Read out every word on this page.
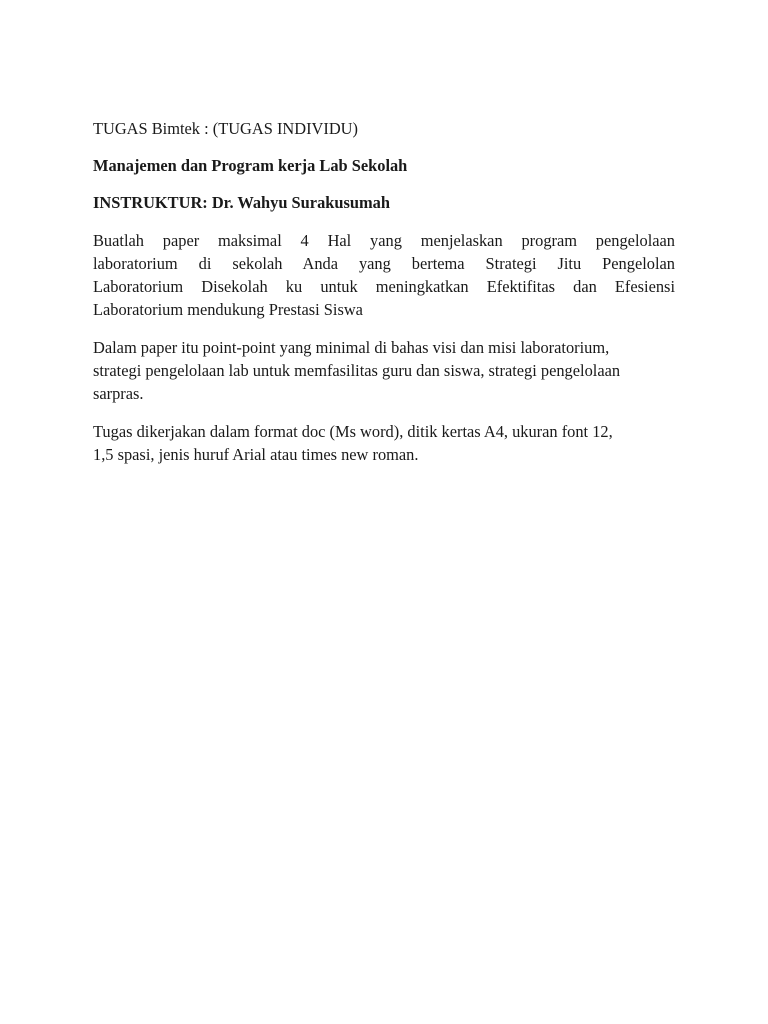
TUGAS Bimtek : (TUGAS INDIVIDU)

Manajemen dan Program kerja Lab Sekolah

INSTRUKTUR: Dr. Wahyu Surakusumah

Buatlah paper maksimal 4 Hal yang menjelaskan program pengelolaan
laboratorium di sekolah Anda yang bertema Strategi Jitu Pengelolan
Laboratorium Disekolah ku untuk meningkatkan Efektifitas dan Efesiensi
Laboratorium mendukung Prestasi Siswa

Dalam paper itu point-point yang minimal di bahas visi dan misi laboratorium,
strategi pengelolaan lab untuk memfasilitas guru dan siswa, strategi pengelolaan
sarpras.

Tugas dikerjakan dalam format doc (Ms word), ditik kertas A4, ukuran font 12,
1,5 spasi, jenis huruf Arial atau times new roman.
